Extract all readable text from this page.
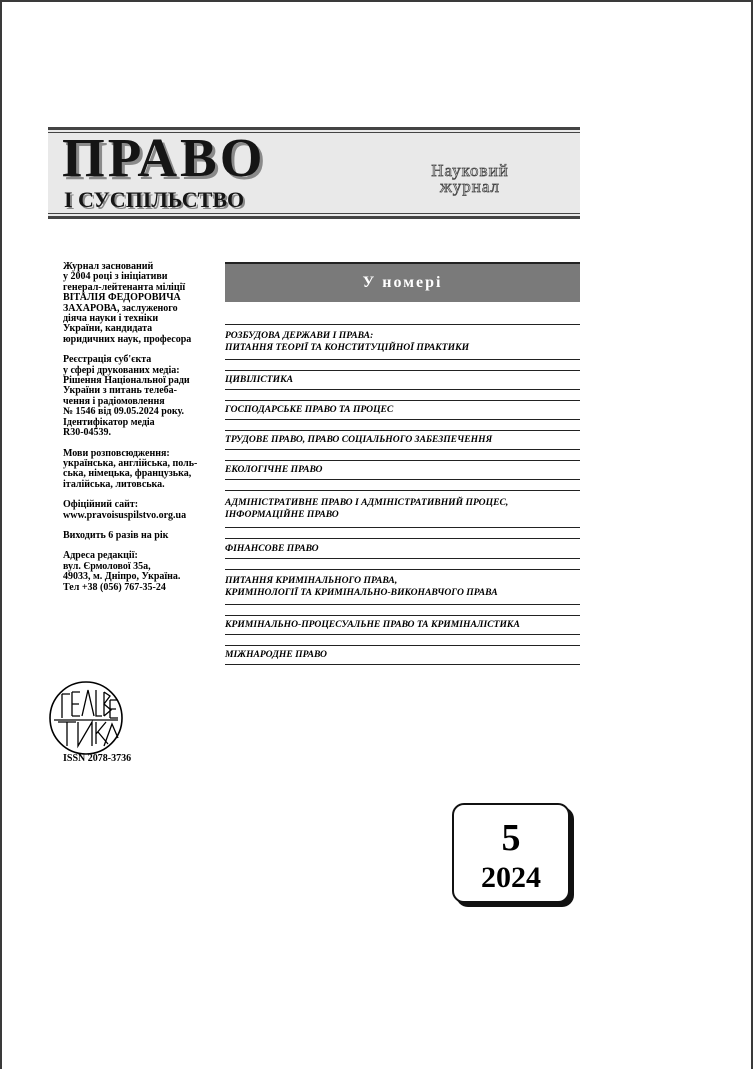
ПРАВО
І СУСПІЛЬСТВО
Науковий
журнал

Журнал заснований
у 2004 році з ініціативи
генерал-лейтенанта міліції
ВІТАЛІЯ ФЕДОРОВИЧА
ЗАХАРОВА, заслуженого
діяча науки і техніки
України, кандидата
юридичних наук, професора

Реєстрація суб'єкта
у сфері друкованих медіа:
Рішення Національної ради
України з питань телеба-
чення і радіомовлення
№ 1546 від 09.05.2024 року.
Ідентифікатор медіа
R30-04539.

Мови розповсюдження:
українська, англійська, поль-
ська, німецька, французька,
італійська, литовська.

Офіційний сайт:
www.pravoisuspilstvo.org.ua

Виходить 6 разів на рік

Адреса редакції:
вул. Єрмолової 35а,
49033, м. Дніпро, Україна.
Тел +38 (056) 767-35-24

ISSN 2078-3736
У номері
РОЗБУДОВА ДЕРЖАВИ І ПРАВА:
ПИТАННЯ ТЕОРІЇ ТА КОНСТИТУЦІЙНОЇ ПРАКТИКИ
ЦИВІЛІСТИКА
ГОСПОДАРСЬКЕ ПРАВО ТА ПРОЦЕС
ТРУДОВЕ ПРАВО, ПРАВО СОЦІАЛЬНОГО ЗАБЕЗПЕЧЕННЯ
ЕКОЛОГІЧНЕ ПРАВО
АДМІНІСТРАТИВНЕ ПРАВО І АДМІНІСТРАТИВНИЙ ПРОЦЕС,
ІНФОРМАЦІЙНЕ ПРАВО
ФІНАНСОВЕ ПРАВО
ПИТАННЯ КРИМІНАЛЬНОГО ПРАВА,
КРИМІНОЛОГІЇ ТА КРИМІНАЛЬНО-ВИКОНАВЧОГО ПРАВА
КРИМІНАЛЬНО-ПРОЦЕСУАЛЬНЕ ПРАВО ТА КРИМІНАЛІСТИКА
МІЖНАРОДНЕ ПРАВО
5
2024
